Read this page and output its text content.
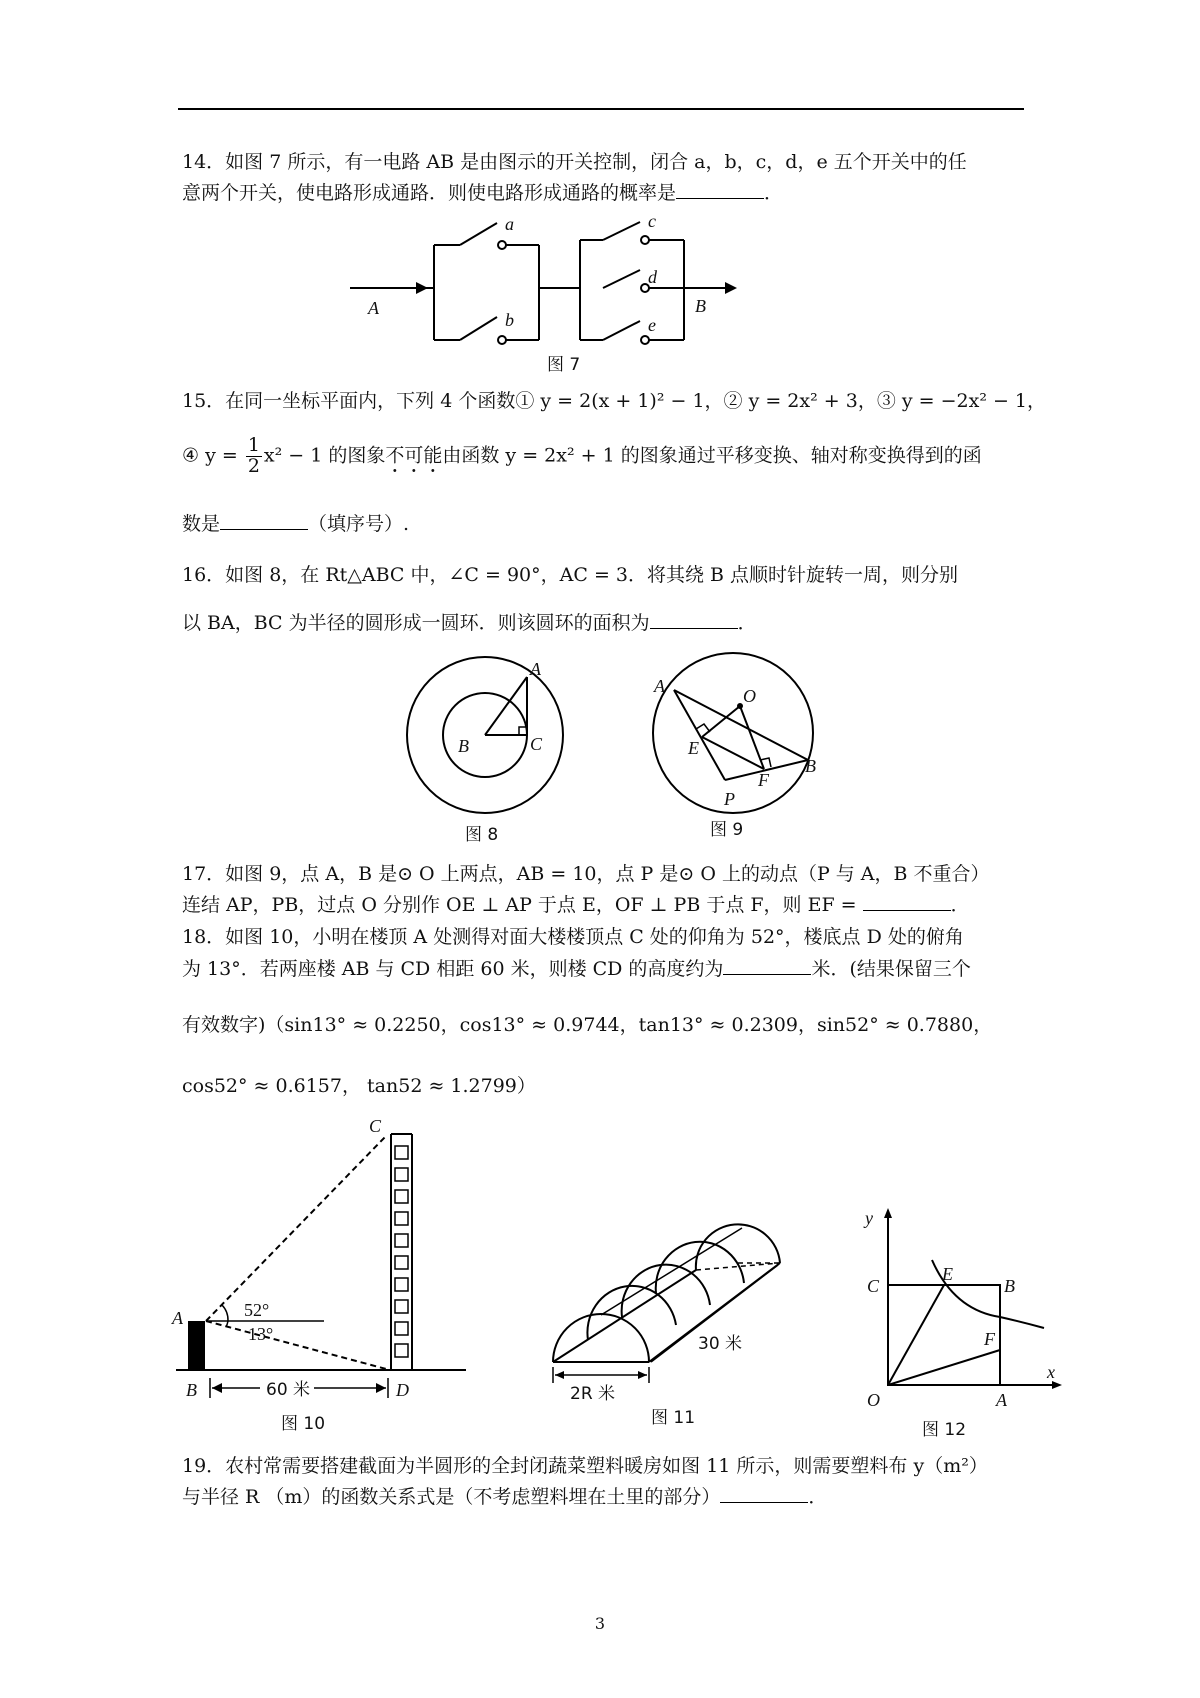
14．如图 7 所示，有一电路 AB 是由图示的开关控制，闭合 a，b，c，d，e 五个开关中的任
意两个开关，使电路形成通路．则使电路形成通路的概率是	．
A	B
a
b
c
d
e
图 7
15．在同一坐标平面内，下列 4 个函数① y = 2(x + 1)² − 1，② y = 2x² + 3，③ y = −2x² − 1，
④ $y = \frac{1}{2} x^2 - 1$ 的图象不可能由函数 y = 2x² + 1 的图象通过平移变换、轴对称变换得到的函
数是	（填序号）.
16．如图 8，在 Rt△ABC 中，∠C = 90°，AC = 3．将其绕 B 点顺时针旋转一周，则分别
以 BA，BC 为半径的圆形成一圆环．则该圆环的面积为	．
A
B	C
图 8
A	O
E
F
B
P
图 9
17．如图 9，点 A，B 是⊙ O 上两点，AB = 10，点 P 是⊙ O 上的动点（P 与 A，B 不重合）
连结 AP，PB，过点 O 分别作 OE ⊥ AP 于点 E，OF ⊥ PB 于点 F，则 EF =	．
18．如图 10，小明在楼顶 A 处测得对面大楼楼顶点 C 处的仰角为 52°，楼底点 D 处的俯角
为 13°．若两座楼 AB 与 CD 相距 60 米，则楼 CD 的高度约为	米．(结果保留三个
有效数字)（sin13° ≈ 0.2250，cos13° ≈ 0.9744，tan13° ≈ 0.2309，sin52° ≈ 0.7880，
cos52° ≈ 0.6157， tan52 ≈ 1.2799）
C
A
B	D
52°
13°
60 米
图 10
30 米
2R 米
图 11
y
x
O
C
E
B
F
A
图 12
19．农村常需要搭建截面为半圆形的全封闭蔬菜塑料暖房如图 11 所示，则需要塑料布 y（m²）
与半径 R （m）的函数关系式是（不考虑塑料埋在土里的部分）	．
3
